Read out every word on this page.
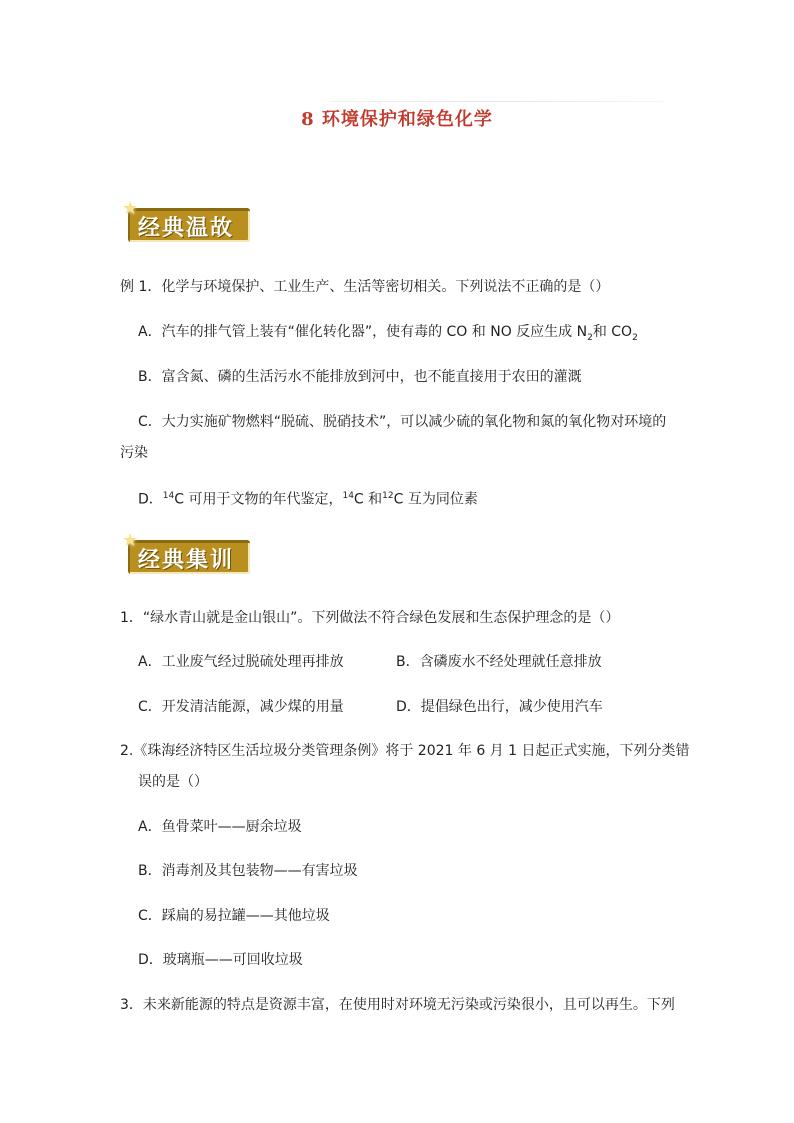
8 环境保护和绿色化学
★
经典温故
例 1．化学与环境保护、工业生产、生活等密切相关。下列说法不正确的是（）
A．汽车的排气管上装有“催化转化器”，使有毒的 CO 和 NO 反应生成 $N_2$和 $CO_2$
B．富含氮、磷的生活污水不能排放到河中，也不能直接用于农田的灌溉
C．大力实施矿物燃料“脱硫、脱硝技术”，可以减少硫的氧化物和氮的氧化物对环境的
污染
D．$^{14}$C 可用于文物的年代鉴定，$^{14}$C 和$^{12}$C 互为同位素
★
经典集训
1．“绿水青山就是金山银山”。下列做法不符合绿色发展和生态保护理念的是（）
A．工业废气经过脱硫处理再排放	B．含磷废水不经处理就任意排放
C．开发清洁能源，减少煤的用量	D．提倡绿色出行，减少使用汽车
2.《珠海经济特区生活垃圾分类管理条例》将于 2021 年 6 月 1 日起正式实施，下列分类错
误的是（）
A．鱼骨菜叶——厨余垃圾
B．消毒剂及其包装物——有害垃圾
C．踩扁的易拉罐——其他垃圾
D．玻璃瓶——可回收垃圾
3．未来新能源的特点是资源丰富，在使用时对环境无污染或污染很小，且可以再生。下列
